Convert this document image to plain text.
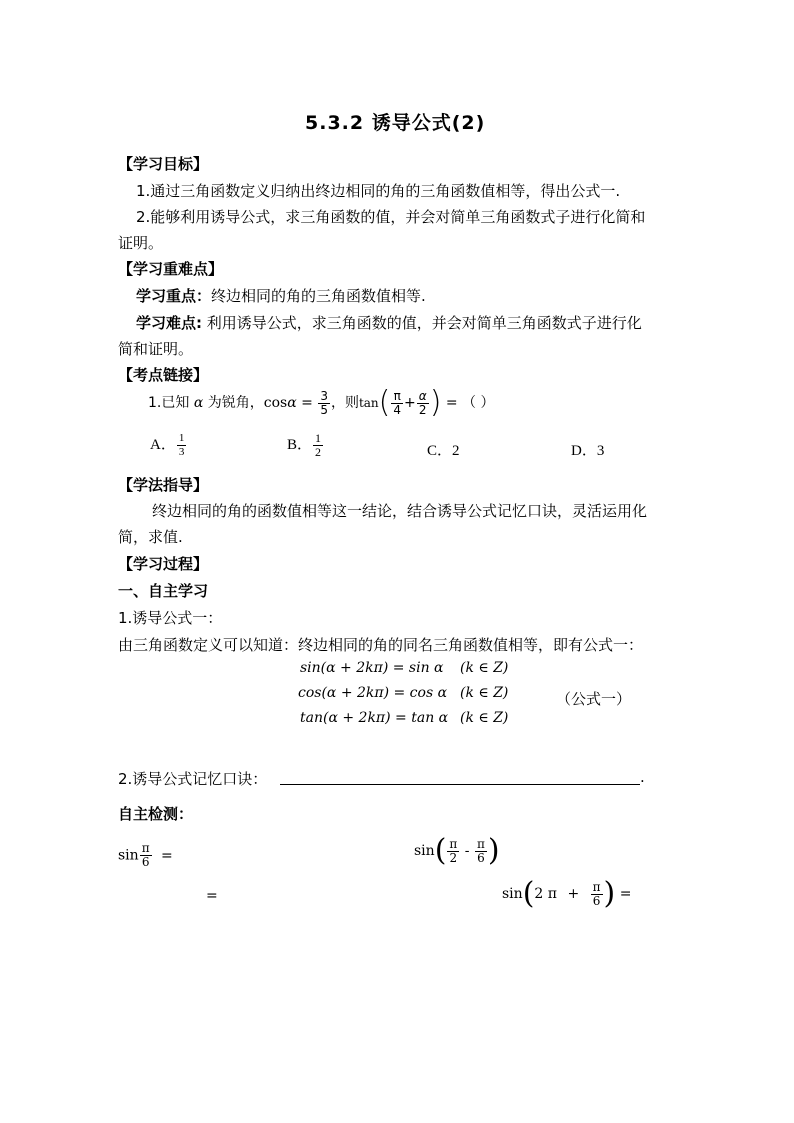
5.3.2 诱导公式(2)
【学习目标】
1.通过三角函数定义归纳出终边相同的角的三角函数值相等，得出公式一.
2.能够利用诱导公式，求三角函数的值，并会对简单三角函数式子进行化简和
证明。
【学习重难点】
学习重点：终边相同的角的三角函数值相等.
学习难点: 利用诱导公式，求三角函数的值，并会对简单三角函数式子进行化
简和证明。
【考点链接】
1.已知 α 为锐角，$\cos\alpha = \frac{3}{5}$ ，则$\tan( \frac{\pi}{4} + \frac{\alpha}{2}$ ) = （ ）
A． $\frac{1}{3}$	B． $\frac{1}{2}$	C．2	D．3
【学法指导】
终边相同的角的函数值相等这一结论，结合诱导公式记忆口诀，灵活运用化
简，求值.
【学习过程】
一、自主学习
1.诱导公式一：
由三角函数定义可以知道：终边相同的角的同名三角函数值相等，即有公式一：
sin(α + 2kπ) = sin α (k ∈ Z)
cos(α + 2kπ) = cos α (k ∈ Z)
tan(α + 2kπ) = tan α (k ∈ Z)
（公式一）
2.诱导公式记忆口诀：	.
自主检测：
$\sin \frac{\pi}{6}$ =	$\sin( \frac{\pi}{2} - \frac{\pi}{6}$ )
=	sin(2 $\pi + \frac{\pi}{6}$ ) =
